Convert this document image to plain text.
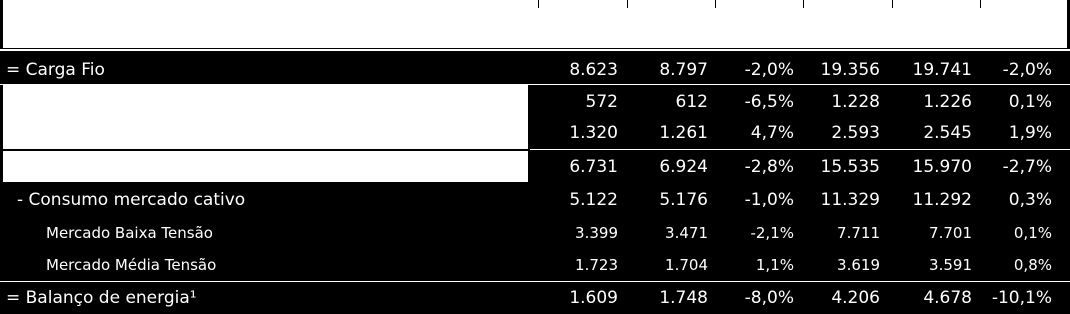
= Carga Fio	8.623	8.797	-2,0%	19.356	19.741	-2,0%
572	612	-6,5%	1.228	1.226	0,1%
1.320	1.261	4,7%	2.593	2.545	1,9%
6.731	6.924	-2,8%	15.535	15.970	-2,7%
- Consumo mercado cativo	5.122	5.176	-1,0%	11.329	11.292	0,3%
Mercado Baixa Tensão	3.399	3.471	-2,1%	7.711	7.701	0,1%
Mercado Média Tensão	1.723	1.704	1,1%	3.619	3.591	0,8%
= Balanço de energia¹	1.609	1.748	-8,0%	4.206	4.678	-10,1%
